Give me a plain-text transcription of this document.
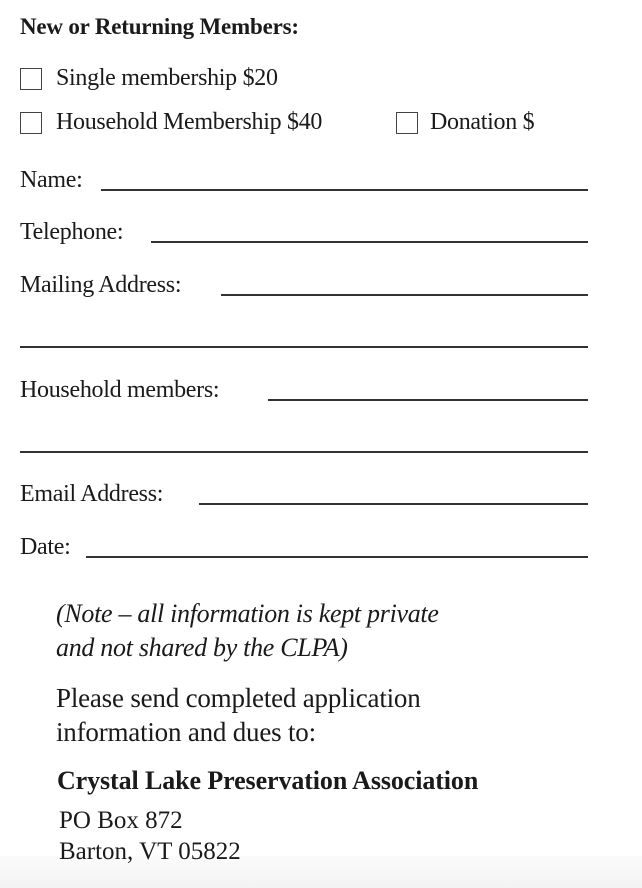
New or Returning Members:
Single membership $20
Household Membership $40	Donation $
Name:
Telephone:
Mailing Address:
Household members:
Email Address:
Date:
(Note – all information is kept private
and not shared by the CLPA)
Please send completed application
information and dues to:
Crystal Lake Preservation Association
PO Box 872
Barton, VT 05822
